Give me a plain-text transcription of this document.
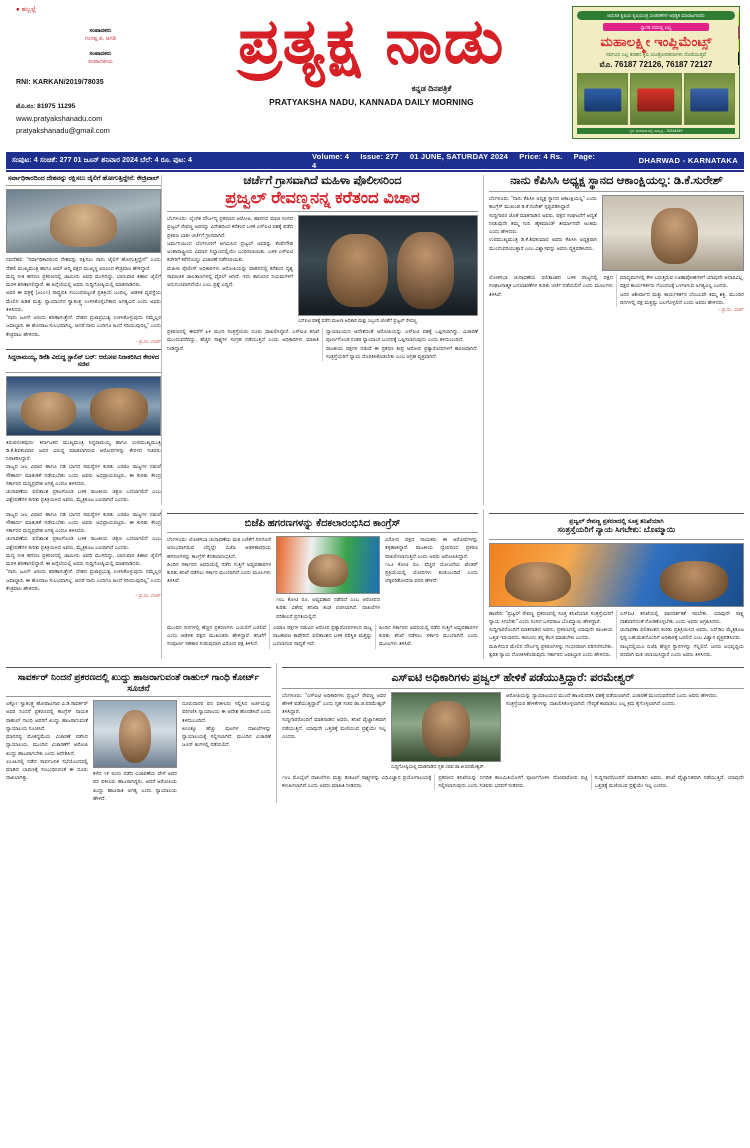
● ಹಬ್ಬಲ್ಲೆ
ಸಂಪಾದಕರು
ಗಂಗಪ್ಪ ಪ. ಅಗಡಿ
ಸಂಪಾದಕರು
ಸಂಪಾದಕೀಯ
RNI: KARKAN/2019/78035
ಮೊ.ನಂ: 81975 11295
www.pratyakshanadu.com
pratyakshanadu@gmail.com
ಪ್ರತ್ಯಕ್ಷ ನಾಡು
ಕನ್ನಡ ದಿನಪತ್ರಿಕೆ
PRATYAKSHA NADU, KANNADA DAILY MORNING
ಆಧುನಿಕ ಕೃಷಿಯ ಕೃಷಿಯಂತ್ರ ಸಲಕರಣೆಗಳ ಅಧಿಕೃತ ಮಾರಾಟಗಾರರು
ಸ್ವಾಗತ ದರದಲ್ಲಿ ಲಭ್ಯ
ಮಹಾಲಕ್ಷ್ಮೀ ಇಂಪ್ಲಿಮೆಂಟ್ಸ್
ಸರ್ವವಿಧ ಎಲ್ಲ ತರಹದ ಕೃಷಿ ಯಂತ್ರೋಪಕರಣಗಳು ದೊರೆಯುತ್ತವೆ
ಮೊ. 76187 72126, 76187 72127
ಸ್ಥಳ: ಧಾರವಾಡ ರಸ್ತೆ, ಹುಬ್ಬಳ್ಳಿ - 76334949
ಸಂಪುಟ: 4 ಸಂಚಿಕೆ: 277 01 ಜೂನ್ ಶನಿವಾರ 2024 ಬೆಲೆ: 4 ರೂ. ಪುಟ: 4	Volume: 4 Issue: 277 01 JUNE, SATURDAY 2024 Price: 4 Rs. Page: 4	DHARWAD - KARNATAKA
ಸರ್ವಾಧಿಕಾರದಿಂದ ದೇಶವನ್ನು ರಕ್ಷಿಸಲು ಜೈಲಿಗೆ ಹೋಗುತ್ತಿದ್ದೇನೆ: ಕೇಜ್ರಿವಾಲ್
ನವದೆಹಲಿ: "ಸರ್ವಾಧಿಕಾರದಿಂದ ದೇಶವನ್ನು ರಕ್ಷಿಸಲು ನಾನು ಜೈಲಿಗೆ ಹೋಗುತ್ತಿದ್ದೇನೆ" ಎಂದು ದೆಹಲಿ ಮುಖ್ಯಮಂತ್ರಿ ಹಾಗೂ ಆಮ್ ಆದ್ಮಿ ಪಕ್ಷದ ಮುಖ್ಯಸ್ಥ ಅರವಿಂದ ಕೇಜ್ರಿವಾಲ ಹೇಳಿದ್ದಾರೆ.
ಮದ್ಯ ನೀತಿ ಹಗರಣ ಪ್ರಕರಣದಲ್ಲಿ ಜಾಮೀನು ಅವಧಿ ಮುಗಿದಿದ್ದು, ಭಾನುವಾರ ತಿಹಾರ ಜೈಲಿಗೆ ಮರಳಿ ಶರಣಾಗಲಿದ್ದಾರೆ. ಈ ಹಿನ್ನೆಲೆಯಲ್ಲಿ ಅವರು ಸುದ್ದಿಗೋಷ್ಠಿಯಲ್ಲಿ ಮಾತನಾಡಿದರು.
ಅವರ ಈ ಪತ್ರಕ್ಕೆ (೨೦೦೧) ರಾಷ್ಟ್ರಪತಿ ಸಂಬಂಧಪಟ್ಟಂತೆ ಪ್ರತಿಕ್ರಿಯೆ ಬಂದಿಲ್ಲ. ಆಡಳಿತ ವ್ಯವಸ್ಥೆಯ ಮೇಲಿನ ಹಿಡಿತ ಮತ್ತು ನ್ಯಾಯಾಂಗದ ಸ್ವಾತಂತ್ರ್ಯ ಉಳಿಸಿಕೊಳ್ಳಬೇಕಾದ ಅಗತ್ಯವಿದೆ ಎಂದು ಅವರು ತಿಳಿಸಿದರು.
"ನಾನು ಜೂನ್ ೨ರಂದು ಶರಣಾಗುತ್ತೇನೆ. ದೇಶದ ಪ್ರಜಾಪ್ರಭುತ್ವ ಉಳಿಸಿಕೊಳ್ಳುವುದು ನಮ್ಮೆಲ್ಲರ ಜವಾಬ್ದಾರಿ. ಈ ಹೋರಾಟ ಸುಲಭವಾಗಿಲ್ಲ. ಆದರೆ ನಾನು ಎಂದಿಗೂ ಹಿಂದೆ ಸರಿಯುವುದಿಲ್ಲ" ಎಂದು ಕೇಜ್ರಿವಾಲ ಹೇಳಿದರು.
- ಪ್ರ.ನಾ. ವಾರ್ತೆ
ಸಿದ್ದರಾಮಯ್ಯ, ಡಿಕೆಶಿ ವಿರುದ್ಧ ಸ್ಟಾಲಿನ್ ಬರ್: ಆರೋಪ ನಿರಾಕರಿಸಿದ ಕೇರಳದ ಸಚಿವ
ತಿರುವನಂತಪುರಂ: ಕರ್ನಾಟಕದ ಮುಖ್ಯಮಂತ್ರಿ ಸಿದ್ದರಾಮಯ್ಯ ಹಾಗೂ ಉಪಮುಖ್ಯಮಂತ್ರಿ ಡಿ.ಕೆ.ಶಿವಕುಮಾರ ಅವರ ವಿರುದ್ಧ ಮಾಡಲಾಗಿರುವ ಆರೋಪಗಳನ್ನು ಕೇರಳದ ಸಚಿವರು ನಿರಾಕರಿಸಿದ್ದಾರೆ.
ರಾಜ್ಯದ ಜಲ ವಿವಾದ ಹಾಗೂ ಗಡಿ ಭಾಗದ ಸಮಸ್ಯೆಗಳ ಕುರಿತು ಎರಡೂ ರಾಜ್ಯಗಳ ನಡುವೆ ಸೌಹಾರ್ದ ಮಾತುಕತೆ ನಡೆಯಬೇಕು ಎಂದು ಅವರು ಅಭಿಪ್ರಾಯಪಟ್ಟರು. ಈ ಕುರಿತು ಕೇಂದ್ರ ಸರ್ಕಾರದ ಮಧ್ಯಪ್ರವೇಶ ಅಗತ್ಯ ಎಂದೂ ತಿಳಿಸಿದರು.
ಚುನಾವಣೆಯ ಫಲಿತಾಂಶ ಪ್ರಕಟಗೊಂಡ ಬಳಿಕ ರಾಜಕೀಯ ಚಿತ್ರಣ ಬದಲಾಗಲಿದೆ ಎಂಬ ವಿಶ್ಲೇಷಣೆಗಳ ಕುರಿತು ಪ್ರತಿಕ್ರಿಯಿಸಿದ ಅವರು, ಮೈತ್ರಿಕೂಟ ಬಲವಾಗಿದೆ ಎಂದರು.
ಚರ್ಚೆಗೆ ಗ್ರಾಸವಾಗಿದೆ ಮಹಿಳಾ ಪೊಲೀಸರಿಂದ
ಪ್ರಜ್ವಲ್ ರೇವಣ್ಣನನ್ನ ಕರೆತಂದ ವಿಚಾರ
ಬೆಂಗಳೂರು: ಲೈಂಗಿಕ ದೌರ್ಜನ್ಯ ಪ್ರಕರಣದ ಆರೋಪಿ, ಹಾಸನದ ಮಾಜಿ ಸಂಸದ ಪ್ರಜ್ವಲ್ ರೇವಣ್ಣ ಅವರನ್ನು ವಿದೇಶದಿಂದ ಕರೆತಂದ ಬಳಿಕ ಎಸ್‌ಐಟಿ ವಶಕ್ಕೆ ಪಡೆದ ಪ್ರಕರಣ ಭಾರೀ ಚರ್ಚೆಗೆ ಗ್ರಾಸವಾಗಿದೆ.
ಜರ್ಮನಿಯಿಂದ ಬೆಂಗಳೂರಿಗೆ ಆಗಮಿಸಿದ ಪ್ರಜ್ವಲ್ ಅವರನ್ನು ಕೆಂಪೇಗೌಡ ಅಂತಾರಾಷ್ಟ್ರೀಯ ವಿಮಾನ ನಿಲ್ದಾಣದಲ್ಲಿಯೇ ಬಂಧಿಸಲಾಯಿತು. ಬಳಿಕ ಎಸ್‌ಐಟಿ ಕಚೇರಿಗೆ ಕರೆದೊಯ್ದು ವಿಚಾರಣೆ ನಡೆಸಲಾಯಿತು.
ಮಹಿಳಾ ಪೊಲೀಸ್ ಅಧಿಕಾರಿಗಳು ಆರೋಪಿಯನ್ನು ವಾಹನದಲ್ಲಿ ಕರೆತಂದ ದೃಶ್ಯ ಸಾಮಾಜಿಕ ಜಾಲತಾಣಗಳಲ್ಲಿ ವೈರಲ್ ಆಗಿದೆ. ಇದು ಕಾನೂನಿನ ನಿಯಮಗಳಿಗೆ ಅನುಗುಣವಾಗಿದೆಯೇ ಎಂಬ ಪ್ರಶ್ನೆ ಎದ್ದಿದೆ.
ಎಸ್‌ಐಟಿ ವಶಕ್ಕೆ ಪಡೆದ ಮಹಿಳಾ ಅಧಿಕಾರಿ ಮತ್ತು ಸಿಬ್ಬಂದಿ ಜೊತೆಗೆ ಪ್ರಜ್ವಲ್ ರೇವಣ್ಣ.
ಪ್ರಕರಣದಲ್ಲಿ ಈವರೆಗೆ ೩೪ ಮಂದಿ ಸಂತ್ರಸ್ತೆಯರು ದೂರು ದಾಖಲಿಸಿದ್ದಾರೆ. ಎಸ್‌ಐಟಿ ತನಿಖೆ ಮುಂದುವರೆದಿದ್ದು, ಹೆಚ್ಚಿನ ಸಾಕ್ಷ್ಯಗಳ ಸಂಗ್ರಹ ನಡೆಯುತ್ತಿದೆ ಎಂದು ಅಧಿಕಾರಿಗಳು ಮಾಹಿತಿ ನೀಡಿದ್ದಾರೆ.
ನ್ಯಾಯಾಲಯದ ಆದೇಶದಂತೆ ಆರೋಪಿಯನ್ನು ಎಸ್‌ಐಟಿ ವಶಕ್ಕೆ ಒಪ್ಪಿಸಲಾಗಿದ್ದು, ವಿಚಾರಣೆ ಪೂರ್ಣಗೊಂಡ ನಂತರ ನ್ಯಾಯಾಂಗ ಬಂಧನಕ್ಕೆ ಒಪ್ಪಿಸಲಾಗುವುದು ಎಂದು ತಿಳಿದುಬಂದಿದೆ.
ರಾಜಕೀಯ ಪಕ್ಷಗಳ ನಡುವೆ ಈ ಪ್ರಕರಣ ತೀವ್ರ ಆರೋಪ ಪ್ರತ್ಯಾರೋಪಗಳಿಗೆ ಕಾರಣವಾಗಿದೆ. ಸಂತ್ರಸ್ತೆಯರಿಗೆ ನ್ಯಾಯ ದೊರಕಿಸಿಕೊಡಬೇಕು ಎಂಬ ಆಗ್ರಹ ವ್ಯಕ್ತವಾಗಿದೆ.
ನಾನು ಕೆಪಿಸಿಸಿ ಅಧ್ಯಕ್ಷ ಸ್ಥಾನದ ಆಕಾಂಕ್ಷಿಯಲ್ಲ: ಡಿ.ಕೆ.ಸುರೇಶ್
ಬೆಂಗಳೂರು: "ನಾನು ಕೆಪಿಸಿಸಿ ಅಧ್ಯಕ್ಷ ಸ್ಥಾನದ ಆಕಾಂಕ್ಷಿಯಲ್ಲ" ಎಂದು ಕಾಂಗ್ರೆಸ್ ಮುಖಂಡ ಡಿ.ಕೆ.ಸುರೇಶ್ ಸ್ಪಷ್ಟಪಡಿಸಿದ್ದಾರೆ.
ಸುದ್ದಿಗಾರರ ಜೊತೆ ಮಾತನಾಡಿದ ಅವರು, ಪಕ್ಷದ ಸಂಘಟನೆಗೆ ಆದ್ಯತೆ ನೀಡುವುದೇ ತಮ್ಮ ಗುರಿ. ಹೈಕಮಾಂಡ್ ತೀರ್ಮಾನವೇ ಅಂತಿಮ ಎಂದು ಹೇಳಿದರು.
ಉಪಮುಖ್ಯಮಂತ್ರಿ ಡಿ.ಕೆ.ಶಿವಕುಮಾರ ಅವರು ಕೆಪಿಸಿಸಿ ಅಧ್ಯಕ್ಷರಾಗಿ ಮುಂದುವರಿಯುತ್ತಾರೆ ಎಂಬ ವಿಶ್ವಾಸವನ್ನು ಅವರು ವ್ಯಕ್ತಪಡಿಸಿದರು.
ಲೋಕಸಭಾ ಚುನಾವಣೆಯ ಫಲಿತಾಂಶದ ಬಳಿಕ ರಾಜ್ಯದಲ್ಲಿ ಪಕ್ಷದ ಸಂಘಟನಾತ್ಮಕ ಬದಲಾವಣೆಗಳ ಕುರಿತು ಚರ್ಚೆ ನಡೆಯಲಿದೆ ಎಂದು ಮೂಲಗಳು ತಿಳಿಸಿವೆ.
ಮಾಧ್ಯಮಗಳಲ್ಲಿ ಕೇಳಿ ಬರುತ್ತಿರುವ ಊಹಾಪೋಹಗಳಿಗೆ ಯಾವುದೇ ಆಧಾರವಿಲ್ಲ. ಪಕ್ಷದ ಕಾರ್ಯಕರ್ತರು ಗೊಂದಲಕ್ಕೆ ಒಳಗಾಗುವ ಅಗತ್ಯವಿಲ್ಲ ಎಂದರು.
ಜನರ ಆಶೀರ್ವಾದ ಮತ್ತು ಕಾರ್ಯಕರ್ತರ ಬೆಂಬಲವೇ ತಮ್ಮ ಶಕ್ತಿ. ಮುಂದಿನ ದಿನಗಳಲ್ಲಿ ಪಕ್ಷ ಮತ್ತಷ್ಟು ಬಲಗೊಳ್ಳಲಿದೆ ಎಂದು ಅವರು ಹೇಳಿದರು.
- ಪ್ರ.ನಾ. ವಾರ್ತೆ
ರಾಜ್ಯದ ಜಲ ವಿವಾದ ಹಾಗೂ ಗಡಿ ಭಾಗದ ಸಮಸ್ಯೆಗಳ ಕುರಿತು ಎರಡೂ ರಾಜ್ಯಗಳ ನಡುವೆ ಸೌಹಾರ್ದ ಮಾತುಕತೆ ನಡೆಯಬೇಕು ಎಂದು ಅವರು ಅಭಿಪ್ರಾಯಪಟ್ಟರು. ಈ ಕುರಿತು ಕೇಂದ್ರ ಸರ್ಕಾರದ ಮಧ್ಯಪ್ರವೇಶ ಅಗತ್ಯ ಎಂದೂ ತಿಳಿಸಿದರು.
ಚುನಾವಣೆಯ ಫಲಿತಾಂಶ ಪ್ರಕಟಗೊಂಡ ಬಳಿಕ ರಾಜಕೀಯ ಚಿತ್ರಣ ಬದಲಾಗಲಿದೆ ಎಂಬ ವಿಶ್ಲೇಷಣೆಗಳ ಕುರಿತು ಪ್ರತಿಕ್ರಿಯಿಸಿದ ಅವರು, ಮೈತ್ರಿಕೂಟ ಬಲವಾಗಿದೆ ಎಂದರು.
ಮದ್ಯ ನೀತಿ ಹಗರಣ ಪ್ರಕರಣದಲ್ಲಿ ಜಾಮೀನು ಅವಧಿ ಮುಗಿದಿದ್ದು, ಭಾನುವಾರ ತಿಹಾರ ಜೈಲಿಗೆ ಮರಳಿ ಶರಣಾಗಲಿದ್ದಾರೆ. ಈ ಹಿನ್ನೆಲೆಯಲ್ಲಿ ಅವರು ಸುದ್ದಿಗೋಷ್ಠಿಯಲ್ಲಿ ಮಾತನಾಡಿದರು.
"ನಾನು ಜೂನ್ ೨ರಂದು ಶರಣಾಗುತ್ತೇನೆ. ದೇಶದ ಪ್ರಜಾಪ್ರಭುತ್ವ ಉಳಿಸಿಕೊಳ್ಳುವುದು ನಮ್ಮೆಲ್ಲರ ಜವಾಬ್ದಾರಿ. ಈ ಹೋರಾಟ ಸುಲಭವಾಗಿಲ್ಲ. ಆದರೆ ನಾನು ಎಂದಿಗೂ ಹಿಂದೆ ಸರಿಯುವುದಿಲ್ಲ" ಎಂದು ಕೇಜ್ರಿವಾಲ ಹೇಳಿದರು.
- ಪ್ರ.ನಾ. ವಾರ್ತೆ
ಬಿಜೆಪಿ ಹಗರಣಗಳನ್ನು ಕೆದಕಲಾರಂಭಿಸಿದ ಕಾಂಗ್ರೆಸ್
ಬೆಂಗಳೂರು: ಲೋಕಸಭಾ ಚುನಾವಣೆಯ ಮತ ಎಣಿಕೆಗೆ ದಿನಗಣನೆ ಆರಂಭವಾಗಿರುವ ಬೆನ್ನಲ್ಲೇ ಬಿಜೆಪಿ ಆಡಳಿತಾವಧಿಯ ಹಗರಣಗಳನ್ನು ಕಾಂಗ್ರೆಸ್ ಕೆದಕಲಾರಂಭಿಸಿದೆ.
ಹಿಂದಿನ ಸರ್ಕಾರದ ಅವಧಿಯಲ್ಲಿ ನಡೆದ ಗುತ್ತಿಗೆ ಅವ್ಯವಹಾರಗಳ ಕುರಿತು ತನಿಖೆ ನಡೆಸಲು ಸರ್ಕಾರ ಮುಂದಾಗಿದೆ ಎಂದು ಮೂಲಗಳು ತಿಳಿಸಿವೆ.
೧೮೭ ಕೋಟಿ ರೂ. ಅವ್ಯವಹಾರ ನಡೆದಿದೆ ಎಂಬ ಆರೋಪದ ಕುರಿತು ವಿಶೇಷ ತನಿಖಾ ತಂಡ ರಚಿಸಲಾಗಿದೆ. ದಾಖಲೆಗಳ ಪರಿಶೀಲನೆ ಪ್ರಗತಿಯಲ್ಲಿದೆ.
ವಿರೋಧ ಪಕ್ಷದ ನಾಯಕರು ಈ ಆರೋಪಗಳನ್ನು ತಳ್ಳಿಹಾಕಿದ್ದಾರೆ. ರಾಜಕೀಯ ದ್ವೇಷದಿಂದ ಪ್ರಕರಣ ದಾಖಲಿಸಲಾಗುತ್ತಿದೆ ಎಂದು ಅವರು ಆರೋಪಿಸಿದ್ದಾರೆ.
೧೬೨ ಕೋಟಿ ರೂ. ವೆಚ್ಚದ ಯೋಜನೆಯ ಟೆಂಡರ್ ಪ್ರಕ್ರಿಯೆಯಲ್ಲಿ ಲೋಪಗಳು ಕಂಡುಬಂದಿವೆ ಎಂದು ಲೆಕ್ಕಪರಿಶೋಧನಾ ವರದಿ ಹೇಳಿದೆ.
ಮುಂದಿನ ದಿನಗಳಲ್ಲಿ ಹೆಚ್ಚಿನ ಪ್ರಕರಣಗಳು ಬಯಲಿಗೆ ಬರಲಿವೆ ಎಂದು ಆಡಳಿತ ಪಕ್ಷದ ಮುಖಂಡರು ಹೇಳಿದ್ದಾರೆ. ತನಿಖೆಗೆ ಸಂಪೂರ್ಣ ಸಹಕಾರ ನೀಡುವುದಾಗಿ ವಿರೋಧ ಪಕ್ಷ ತಿಳಿಸಿದೆ.
ಎರಡೂ ಪಕ್ಷಗಳ ನಡುವಿನ ಆರೋಪ ಪ್ರತ್ಯಾರೋಪಗಳಿಂದ ರಾಜ್ಯ ರಾಜಕಾರಣ ಕಾವೇರಿದೆ. ಫಲಿತಾಂಶದ ಬಳಿಕ ಪರಿಸ್ಥಿತಿ ಮತ್ತಷ್ಟು ಬದಲಾಗುವ ಸಾಧ್ಯತೆ ಇದೆ.
ಹಿಂದಿನ ಸರ್ಕಾರದ ಅವಧಿಯಲ್ಲಿ ನಡೆದ ಗುತ್ತಿಗೆ ಅವ್ಯವಹಾರಗಳ ಕುರಿತು ತನಿಖೆ ನಡೆಸಲು ಸರ್ಕಾರ ಮುಂದಾಗಿದೆ ಎಂದು ಮೂಲಗಳು ತಿಳಿಸಿವೆ.
ಪ್ರಜ್ವಲ್ ರೇವಣ್ಣ ಪ್ರಕರಣದಲ್ಲಿ ಸೂಕ್ತ ತನಿಖೆಯಾಗಿ
ಸಂತ್ರಸ್ತೆಯರಿಗೆ ನ್ಯಾಯ ಸಿಗಬೇಕು: ಬೊಮ್ಮಾಯಿ
ಹಾವೇರಿ: "ಪ್ರಜ್ವಲ್ ರೇವಣ್ಣ ಪ್ರಕರಣದಲ್ಲಿ ಸೂಕ್ತ ತನಿಖೆಯಾಗಿ ಸಂತ್ರಸ್ತೆಯರಿಗೆ ನ್ಯಾಯ ಸಿಗಬೇಕು" ಎಂದು ಸಂಸದ ಬಸವರಾಜ ಬೊಮ್ಮಾಯಿ ಹೇಳಿದ್ದಾರೆ.
ಸುದ್ದಿಗಾರರೊಂದಿಗೆ ಮಾತನಾಡಿದ ಅವರು, ಪ್ರಕರಣದಲ್ಲಿ ಯಾವುದೇ ರಾಜಕೀಯ ಒತ್ತಡ ಇರಬಾರದು. ಕಾನೂನು ತನ್ನ ಕೆಲಸ ಮಾಡಬೇಕು ಎಂದರು.
ಮಹಿಳೆಯರ ಮೇಲಿನ ದೌರ್ಜನ್ಯ ಪ್ರಕರಣಗಳನ್ನು ಗಂಭೀರವಾಗಿ ಪರಿಗಣಿಸಬೇಕು. ತ್ವರಿತ ನ್ಯಾಯ ದೊರಕಿಸಿಕೊಡುವುದು ಸರ್ಕಾರದ ಜವಾಬ್ದಾರಿ ಎಂದು ಹೇಳಿದರು.
ಎಸ್‌ಐಟಿ ತನಿಖೆಯಲ್ಲಿ ಪಾರದರ್ಶಕತೆ ಇರಬೇಕು. ಯಾವುದೇ ಸಾಕ್ಷ್ಯ ನಾಶವಾಗದಂತೆ ನೋಡಿಕೊಳ್ಳಬೇಕು ಎಂದು ಅವರು ಆಗ್ರಹಿಸಿದರು.
ಚುನಾವಣಾ ಫಲಿತಾಂಶದ ಕುರಿತು ಪ್ರತಿಕ್ರಿಯಿಸಿದ ಅವರು, ಎನ್‌ಡಿಎ ಮೈತ್ರಿಕೂಟ ಸ್ಪಷ್ಟ ಬಹುಮತದೊಂದಿಗೆ ಅಧಿಕಾರಕ್ಕೆ ಬರಲಿದೆ ಎಂಬ ವಿಶ್ವಾಸ ವ್ಯಕ್ತಪಡಿಸಿದರು.
ರಾಜ್ಯದಲ್ಲಿಯೂ ಬಿಜೆಪಿ ಹೆಚ್ಚಿನ ಸ್ಥಾನಗಳನ್ನು ಗೆಲ್ಲಲಿದೆ. ಜನರು ಅಭಿವೃದ್ಧಿಯ ಪರವಾಗಿ ಮತ ಚಲಾಯಿಸಿದ್ದಾರೆ ಎಂದು ಅವರು ತಿಳಿಸಿದರು.
ಸಾವರ್ಕರ್ ನಿಂದನೆ ಪ್ರಕರಣದಲ್ಲಿ ಖುದ್ದು ಹಾಜರಾಗುವಂತೆ ರಾಹುಲ್ ಗಾಂಧಿ ಕೋರ್ಟ್ ಸೂಚನೆ
ಲಕ್ನೋ: ಸ್ವಾತಂತ್ರ್ಯ ಹೋರಾಟಗಾರ ವಿ.ಡಿ.ಸಾವರ್ಕರ್ ಅವರ ನಿಂದನೆ ಪ್ರಕರಣದಲ್ಲಿ ಕಾಂಗ್ರೆಸ್ ನಾಯಕ ರಾಹುಲ್ ಗಾಂಧಿ ಅವರಿಗೆ ಖುದ್ದು ಹಾಜರಾಗುವಂತೆ ನ್ಯಾಯಾಲಯ ಸೂಚಿಸಿದೆ.
ಮಾನನಷ್ಟ ಮೊಕದ್ದಮೆಯ ವಿಚಾರಣೆ ನಡೆಸಿದ ನ್ಯಾಯಾಲಯ, ಮುಂದಿನ ವಿಚಾರಣೆಗೆ ಆರೋಪಿ ಖುದ್ದು ಹಾಜರಾಗಬೇಕು ಎಂದು ಆದೇಶಿಸಿದೆ.
೨೦೨೩ರಲ್ಲಿ ನಡೆದ ಸಾರ್ವಜನಿಕ ಸಭೆಯೊಂದರಲ್ಲಿ ಮಾಡಿದ ಭಾಷಣಕ್ಕೆ ಸಂಬಂಧಿಸಿದಂತೆ ಈ ದೂರು ದಾಖಲಾಗಿತ್ತು.
ಕಳೆದ ೧೯ ರಂದು ನಡೆದ ವಿಚಾರಣೆಯ ವೇಳೆ ಅವರ ಪರ ವಕೀಲರು ಹಾಜರಾಗಿದ್ದರು. ಆದರೆ ಆರೋಪಿಯ ಖುದ್ದು ಹಾಜರಾತಿ ಅಗತ್ಯ ಎಂದು ನ್ಯಾಯಾಲಯ ಹೇಳಿದೆ.
ದೂರುದಾರರ ಪರ ವಕೀಲರು ಸಲ್ಲಿಸಿದ ಅರ್ಜಿಯನ್ನು ಪರಿಗಣಿಸಿ ನ್ಯಾಯಾಲಯ ಈ ಆದೇಶ ಹೊರಡಿಸಿದೆ ಎಂದು ತಿಳಿದುಬಂದಿದೆ.
೫೦೦ಕ್ಕೂ ಹೆಚ್ಚು ಪುಟಗಳ ದಾಖಲೆಗಳನ್ನು ನ್ಯಾಯಾಲಯಕ್ಕೆ ಸಲ್ಲಿಸಲಾಗಿದೆ. ಮುಂದಿನ ವಿಚಾರಣೆ ಜೂನ್ ತಿಂಗಳಲ್ಲಿ ನಡೆಯಲಿದೆ.
ಎಸ್‌ಐಟಿ ಅಧಿಕಾರಿಗಳು ಪ್ರಜ್ವಲ್ ಹೇಳಿಕೆ ಪಡೆಯುತ್ತಿದ್ದಾರೆ: ಪರಮೇಶ್ವರ್
ಬೆಂಗಳೂರು: "ಎಸ್‌ಐಟಿ ಅಧಿಕಾರಿಗಳು ಪ್ರಜ್ವಲ್ ರೇವಣ್ಣ ಅವರ ಹೇಳಿಕೆ ಪಡೆಯುತ್ತಿದ್ದಾರೆ" ಎಂದು ಗೃಹ ಸಚಿವ ಡಾ.ಜಿ.ಪರಮೇಶ್ವರ್ ತಿಳಿಸಿದ್ದಾರೆ.
ಸುದ್ದಿಗಾರರೊಂದಿಗೆ ಮಾತನಾಡಿದ ಅವರು, ತನಿಖೆ ವೈಜ್ಞಾನಿಕವಾಗಿ ನಡೆಯುತ್ತಿದೆ. ಯಾವುದೇ ಒತ್ತಡಕ್ಕೆ ಮಣಿಯುವ ಪ್ರಶ್ನೆಯೇ ಇಲ್ಲ ಎಂದರು.
ಸುದ್ದಿಗೋಷ್ಠಿಯಲ್ಲಿ ಮಾತನಾಡಿದ ಗೃಹ ಸಚಿವ ಡಾ.ಜಿ.ಪರಮೇಶ್ವರ್.
ಆರೋಪಿಯನ್ನು ನ್ಯಾಯಾಲಯದ ಮುಂದೆ ಹಾಜರುಪಡಿಸಿ ವಶಕ್ಕೆ ಪಡೆಯಲಾಗಿದೆ. ವಿಚಾರಣೆ ಮುಂದುವರೆದಿದೆ ಎಂದು ಅವರು ಹೇಳಿದರು.
ಸಂತ್ರಸ್ತೆಯರ ಹೇಳಿಕೆಗಳನ್ನು ದಾಖಲಿಸಿಕೊಳ್ಳಲಾಗಿದೆ. ಗೌಪ್ಯತೆ ಕಾಪಾಡಲು ಎಲ್ಲ ಕ್ರಮ ಕೈಗೊಳ್ಳಲಾಗಿದೆ ಎಂದರು.
೧೮೭ ಮೊಬೈಲ್ ದಾಖಲೆಗಳು ಮತ್ತು ಡಿಜಿಟಲ್ ಸಾಕ್ಷ್ಯಗಳನ್ನು ವಿಧಿವಿಜ್ಞಾನ ಪ್ರಯೋಗಾಲಯಕ್ಕೆ ಕಳುಹಿಸಲಾಗಿದೆ ಎಂದು ಅವರು ಮಾಹಿತಿ ನೀಡಿದರು.
ಪ್ರಕರಣದ ತನಿಖೆಯನ್ನು ನಿಗದಿತ ಕಾಲಮಿತಿಯೊಳಗೆ ಪೂರ್ಣಗೊಳಿಸಿ ದೋಷಾರೋಪ ಪಟ್ಟಿ ಸಲ್ಲಿಸಲಾಗುವುದು ಎಂದು ಸಚಿವರು ಭರವಸೆ ನೀಡಿದರು.
ಸುದ್ದಿಗಾರರೊಂದಿಗೆ ಮಾತನಾಡಿದ ಅವರು, ತನಿಖೆ ವೈಜ್ಞಾನಿಕವಾಗಿ ನಡೆಯುತ್ತಿದೆ. ಯಾವುದೇ ಒತ್ತಡಕ್ಕೆ ಮಣಿಯುವ ಪ್ರಶ್ನೆಯೇ ಇಲ್ಲ ಎಂದರು.
